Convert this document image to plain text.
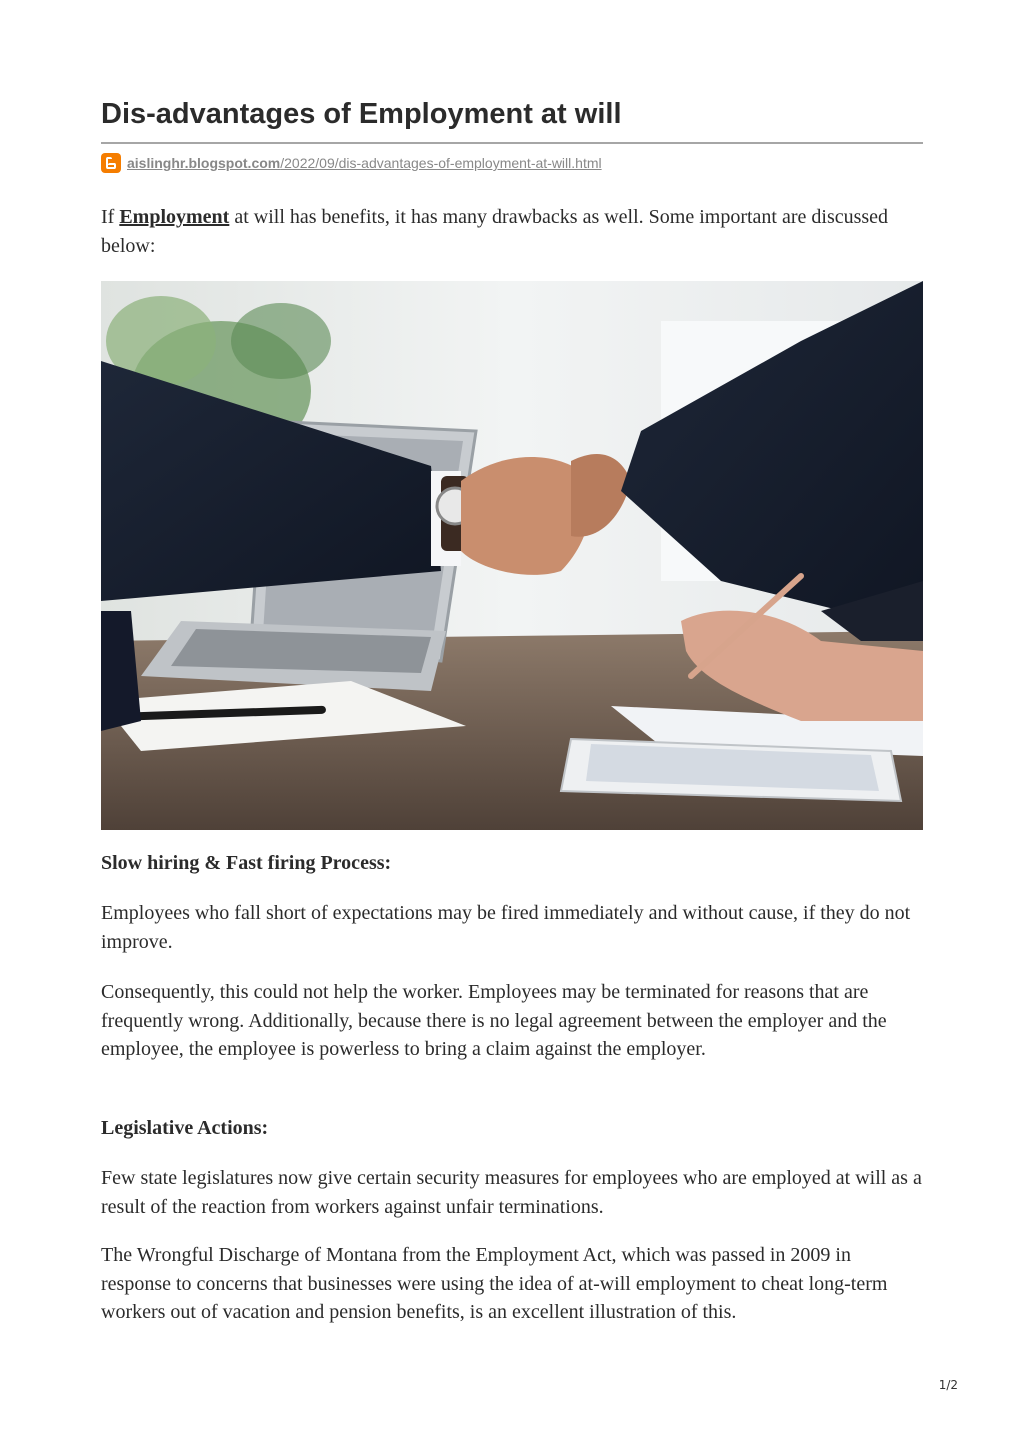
Dis-advantages of Employment at will
aislinghr.blogspot.com/2022/09/dis-advantages-of-employment-at-will.html

If Employment at will has benefits, it has many drawbacks as well. Some important are discussed below:

Slow hiring & Fast firing Process:

Employees who fall short of expectations may be fired immediately and without cause, if they do not improve.

Consequently, this could not help the worker. Employees may be terminated for reasons that are frequently wrong. Additionally, because there is no legal agreement between the employer and the employee, the employee is powerless to bring a claim against the employer.

Legislative Actions:

Few state legislatures now give certain security measures for employees who are employed at will as a result of the reaction from workers against unfair terminations.

The Wrongful Discharge of Montana from the Employment Act, which was passed in 2009 in response to concerns that businesses were using the idea of at-will employment to cheat long-term workers out of vacation and pension benefits, is an excellent illustration of this.

1/2
